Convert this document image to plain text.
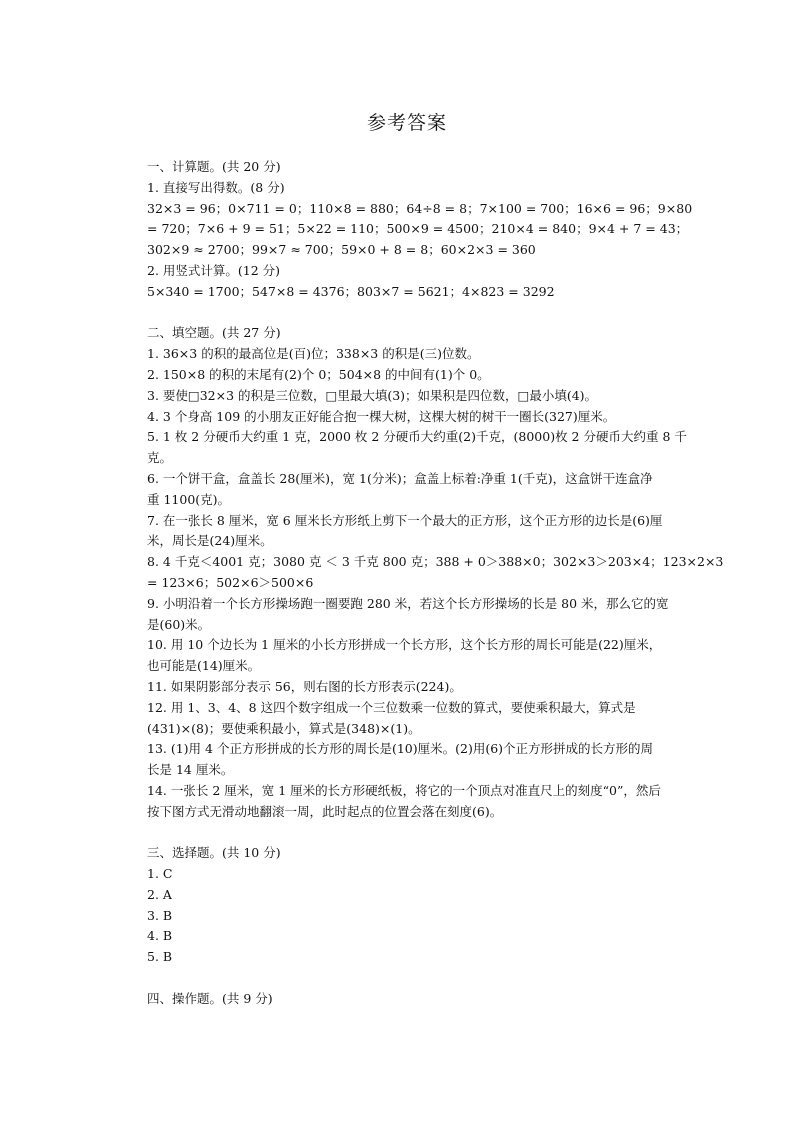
参考答案
一、计算题。(共 20 分)
1. 直接写出得数。(8 分)
32×3 = 96；0×711 = 0；110×8 = 880；64÷8 = 8；7×100 = 700；16×6 = 96；9×80
= 720；7×6 + 9 = 51；5×22 = 110；500×9 = 4500；210×4 = 840；9×4 + 7 = 43；
302×9 ≈ 2700；99×7 ≈ 700；59×0 + 8 = 8；60×2×3 = 360
2. 用竖式计算。(12 分)
5×340 = 1700；547×8 = 4376；803×7 = 5621；4×823 = 3292
二、填空题。(共 27 分)
1. 36×3 的积的最高位是(百)位；338×3 的积是(三)位数。
2. 150×8 的积的末尾有(2)个 0；504×8 的中间有(1)个 0。
3. 要使□32×3 的积是三位数，□里最大填(3)；如果积是四位数，□最小填(4)。
4. 3 个身高 109 的小朋友正好能合抱一棵大树，这棵大树的树干一圈长(327)厘米。
5. 1 枚 2 分硬币大约重 1 克，2000 枚 2 分硬币大约重(2)千克，(8000)枚 2 分硬币大约重 8 千
克。
6. 一个饼干盒，盒盖长 28(厘米)，宽 1(分米)；盒盖上标着:净重 1(千克)，这盒饼干连盒净
重 1100(克)。
7. 在一张长 8 厘米，宽 6 厘米长方形纸上剪下一个最大的正方形，这个正方形的边长是(6)厘
米，周长是(24)厘米。
8. 4 千克＜4001 克；3080 克 ＜ 3 千克 800 克；388 + 0＞388×0；302×3＞203×4；123×2×3
= 123×6；502×6＞500×6
9. 小明沿着一个长方形操场跑一圈要跑 280 米，若这个长方形操场的长是 80 米，那么它的宽
是(60)米。
10. 用 10 个边长为 1 厘米的小长方形拼成一个长方形，这个长方形的周长可能是(22)厘米，
也可能是(14)厘米。
11. 如果阴影部分表示 56，则右图的长方形表示(224)。
12. 用 1、3、4、8 这四个数字组成一个三位数乘一位数的算式，要使乘积最大，算式是
(431)×(8)；要使乘积最小，算式是(348)×(1)。
13. (1)用 4 个正方形拼成的长方形的周长是(10)厘米。(2)用(6)个正方形拼成的长方形的周
长是 14 厘米。
14. 一张长 2 厘米，宽 1 厘米的长方形硬纸板，将它的一个顶点对准直尺上的刻度“0”，然后
按下图方式无滑动地翻滚一周，此时起点的位置会落在刻度(6)。
三、选择题。(共 10 分)
1. C
2. A
3. B
4. B
5. B
四、操作题。(共 9 分)
